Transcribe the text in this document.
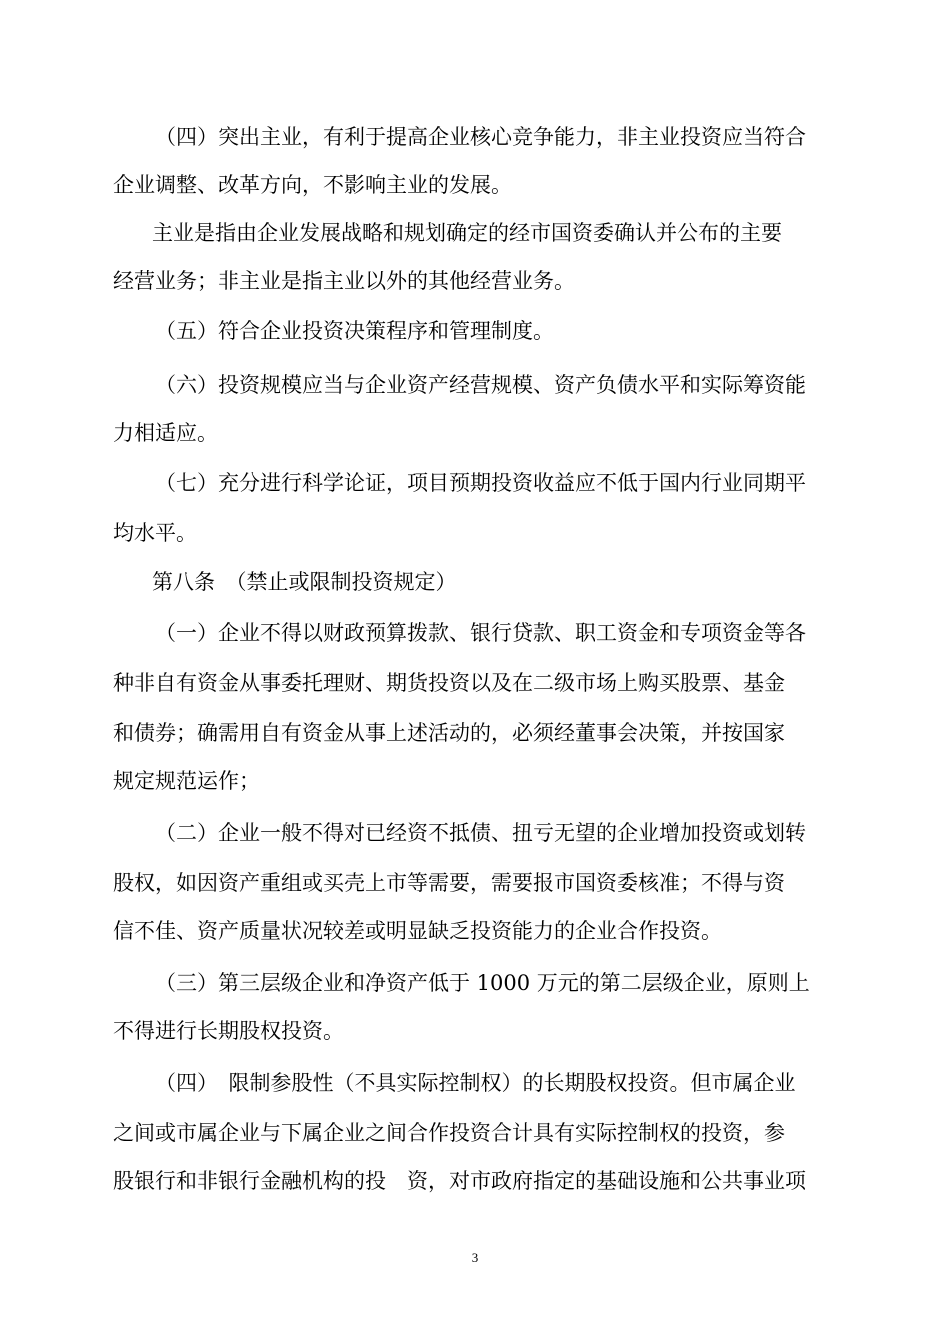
（四）突出主业，有利于提高企业核心竞争能力，非主业投资应当符合
企业调整、改革方向，不影响主业的发展。
主业是指由企业发展战略和规划确定的经市国资委确认并公布的主要
经营业务；非主业是指主业以外的其他经营业务。
（五）符合企业投资决策程序和管理制度。
（六）投资规模应当与企业资产经营规模、资产负债水平和实际筹资能
力相适应。
（七）充分进行科学论证，项目预期投资收益应不低于国内行业同期平
均水平。
第八条　（禁止或限制投资规定）
（一）企业不得以财政预算拨款、银行贷款、职工资金和专项资金等各
种非自有资金从事委托理财、期货投资以及在二级市场上购买股票、基金
和债券；确需用自有资金从事上述活动的，必须经董事会决策，并按国家
规定规范运作；
（二）企业一般不得对已经资不抵债、扭亏无望的企业增加投资或划转
股权，如因资产重组或买壳上市等需要，需要报市国资委核准；不得与资
信不佳、资产质量状况较差或明显缺乏投资能力的企业合作投资。
（三）第三层级企业和净资产低于 1000 万元的第二层级企业，原则上
不得进行长期股权投资。
（四）　限制参股性（不具实际控制权）的长期股权投资。但市属企业
之间或市属企业与下属企业之间合作投资合计具有实际控制权的投资，参
股银行和非银行金融机构的投　资，对市政府指定的基础设施和公共事业项
3
